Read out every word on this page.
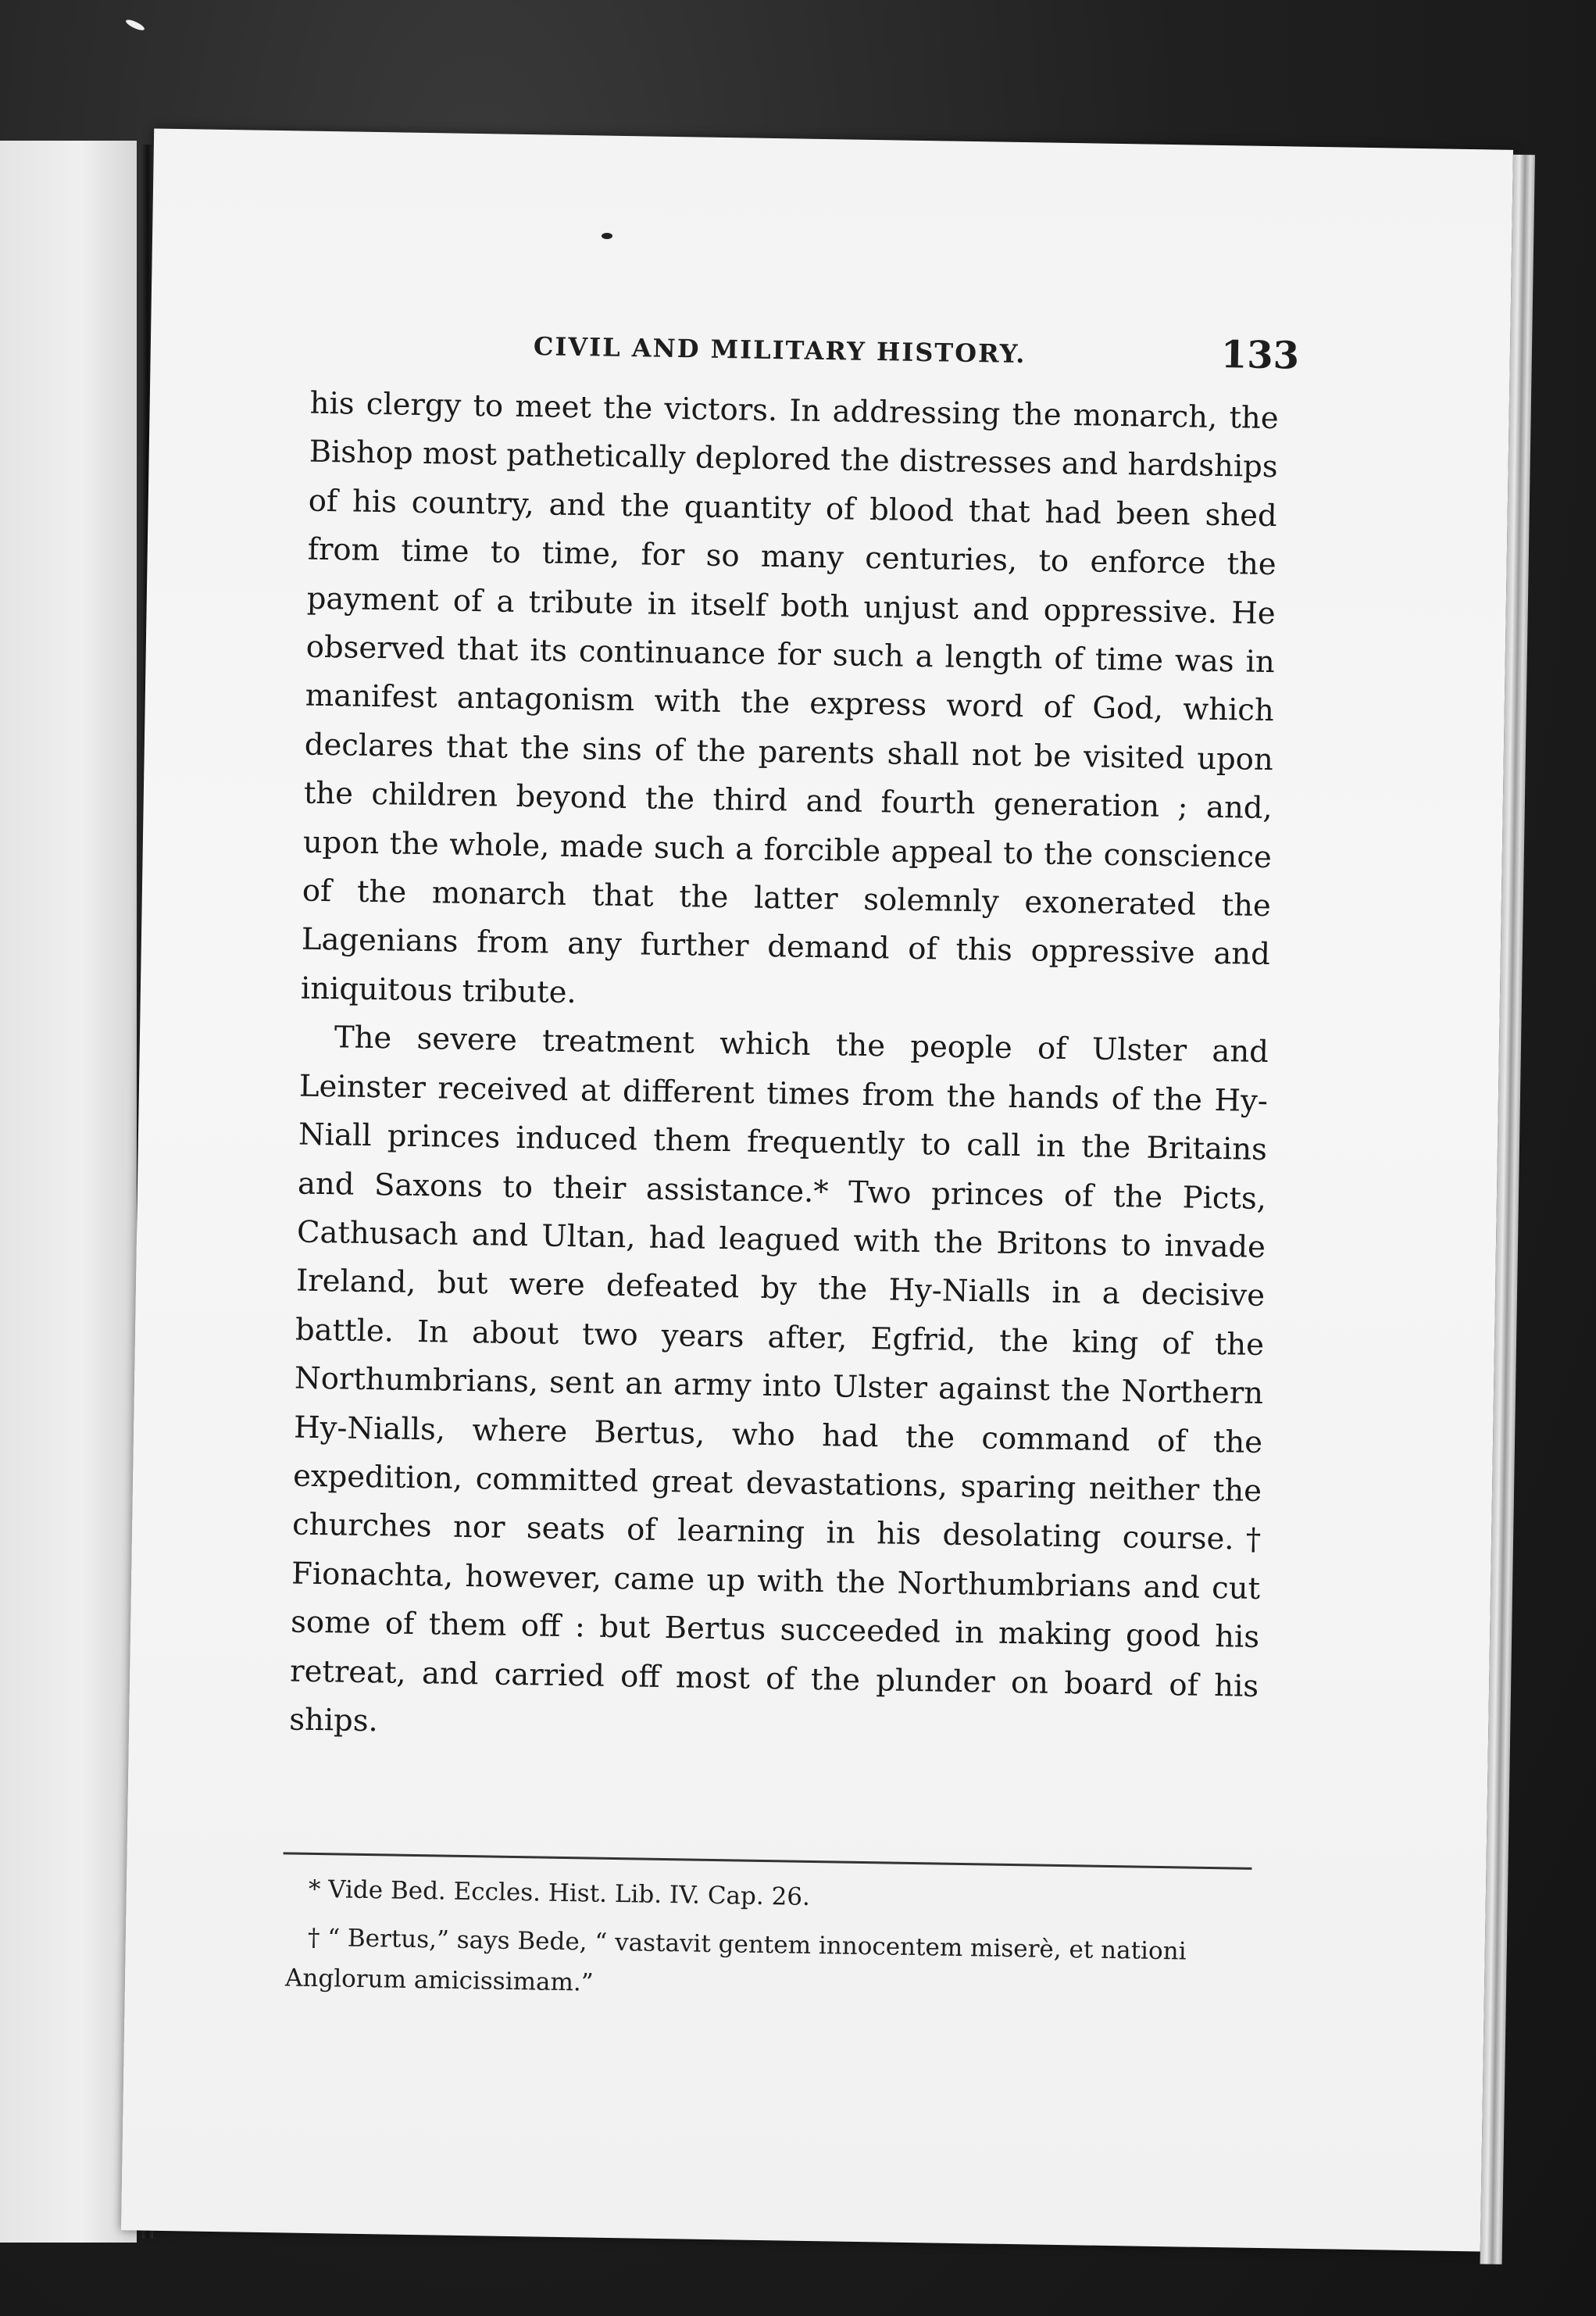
CIVIL AND MILITARY HISTORY.	133

his clergy to meet the victors. In addressing the monarch, the Bishop most pathetically deplored the distresses and hardships of his country, and the quantity of blood that had been shed from time to time, for so many centuries, to enforce the payment of a tribute in itself both unjust and oppressive. He observed that its continuance for such a length of time was in manifest antagonism with the express word of God, which declares that the sins of the parents shall not be visited upon the children beyond the third and fourth generation ; and, upon the whole, made such a forcible appeal to the conscience of the monarch that the latter solemnly exonerated the Lagenians from any further demand of this oppressive and iniquitous tribute.

The severe treatment which the people of Ulster and Leinster received at different times from the hands of the Hy-Niall princes induced them frequently to call in the Britains and Saxons to their assistance.* Two princes of the Picts, Cathusach and Ultan, had leagued with the Britons to invade Ireland, but were defeated by the Hy-Nialls in a decisive battle. In about two years after, Egfrid, the king of the Northumbrians, sent an army into Ulster against the Northern Hy-Nialls, where Bertus, who had the command of the expedition, committed great devastations, sparing neither the churches nor seats of learning in his desolating course.† Fionachta, however, came up with the Northumbrians and cut some of them off : but Bertus succeeded in making good his retreat, and carried off most of the plunder on board of his ships.

* Vide Bed. Eccles. Hist. Lib. IV. Cap. 26.

† “ Bertus,” says Bede, “ vastavit gentem innocentem miserè, et nationi Anglorum amicissimam.”
